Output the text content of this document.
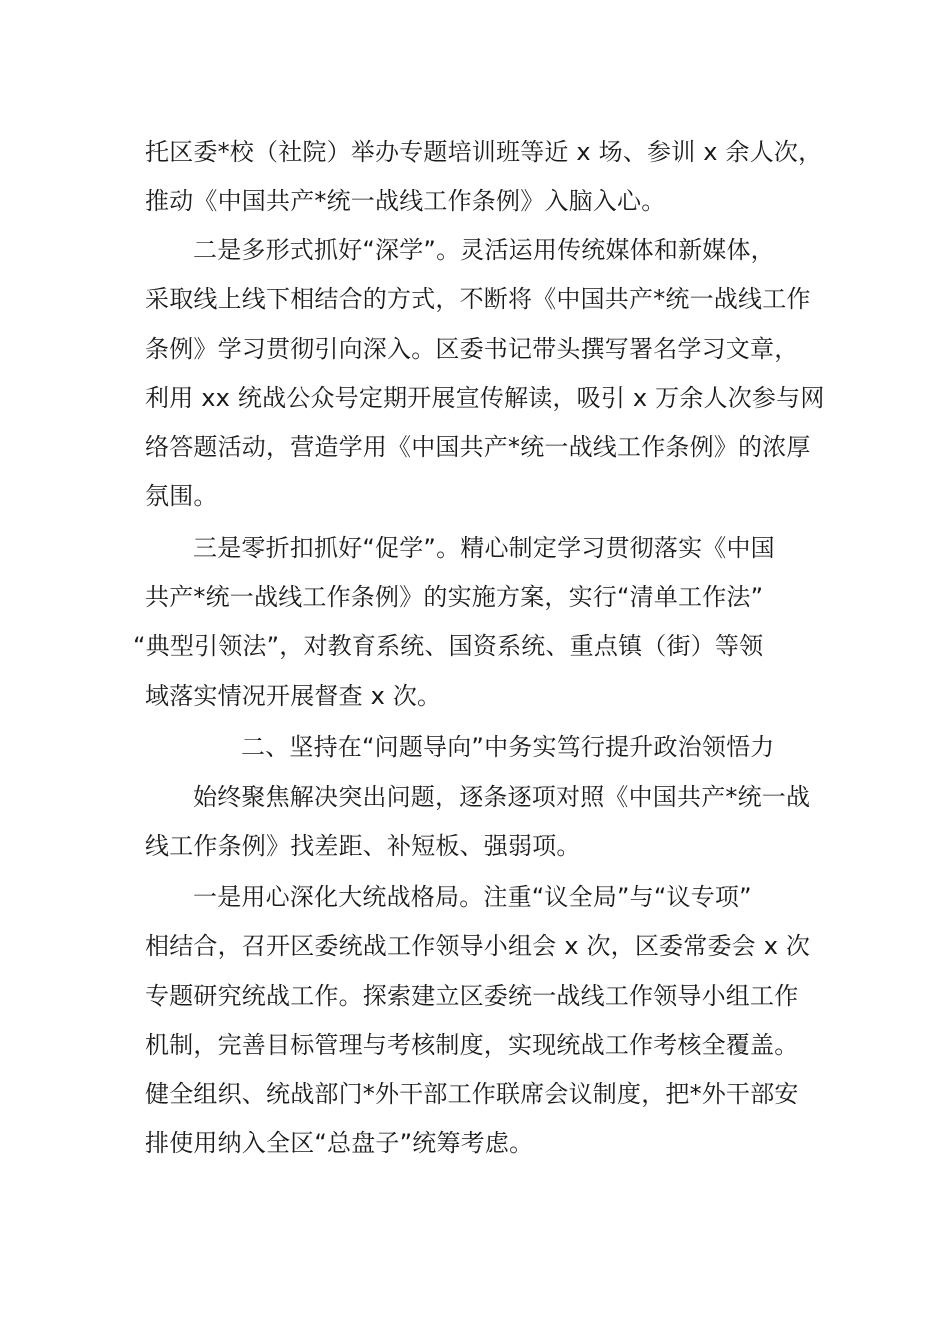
托区委*校（社院）举办专题培训班等近 x 场、参训 x 余人次，
推动《中国共产*统一战线工作条例》入脑入心。
二是多形式抓好“深学”。灵活运用传统媒体和新媒体，
采取线上线下相结合的方式，不断将《中国共产*统一战线工作
条例》学习贯彻引向深入。区委书记带头撰写署名学习文章，
利用 xx 统战公众号定期开展宣传解读，吸引 x 万余人次参与网
络答题活动，营造学用《中国共产*统一战线工作条例》的浓厚
氛围。
三是零折扣抓好“促学”。精心制定学习贯彻落实《中国
共产*统一战线工作条例》的实施方案，实行“清单工作法”
“典型引领法”，对教育系统、国资系统、重点镇（街）等领
域落实情况开展督查 x 次。
二、坚持在“问题导向”中务实笃行提升政治领悟力
始终聚焦解决突出问题，逐条逐项对照《中国共产*统一战
线工作条例》找差距、补短板、强弱项。
一是用心深化大统战格局。注重“议全局”与“议专项”
相结合，召开区委统战工作领导小组会 x 次，区委常委会 x 次
专题研究统战工作。探索建立区委统一战线工作领导小组工作
机制，完善目标管理与考核制度，实现统战工作考核全覆盖。
健全组织、统战部门*外干部工作联席会议制度，把*外干部安
排使用纳入全区“总盘子”统筹考虑。
